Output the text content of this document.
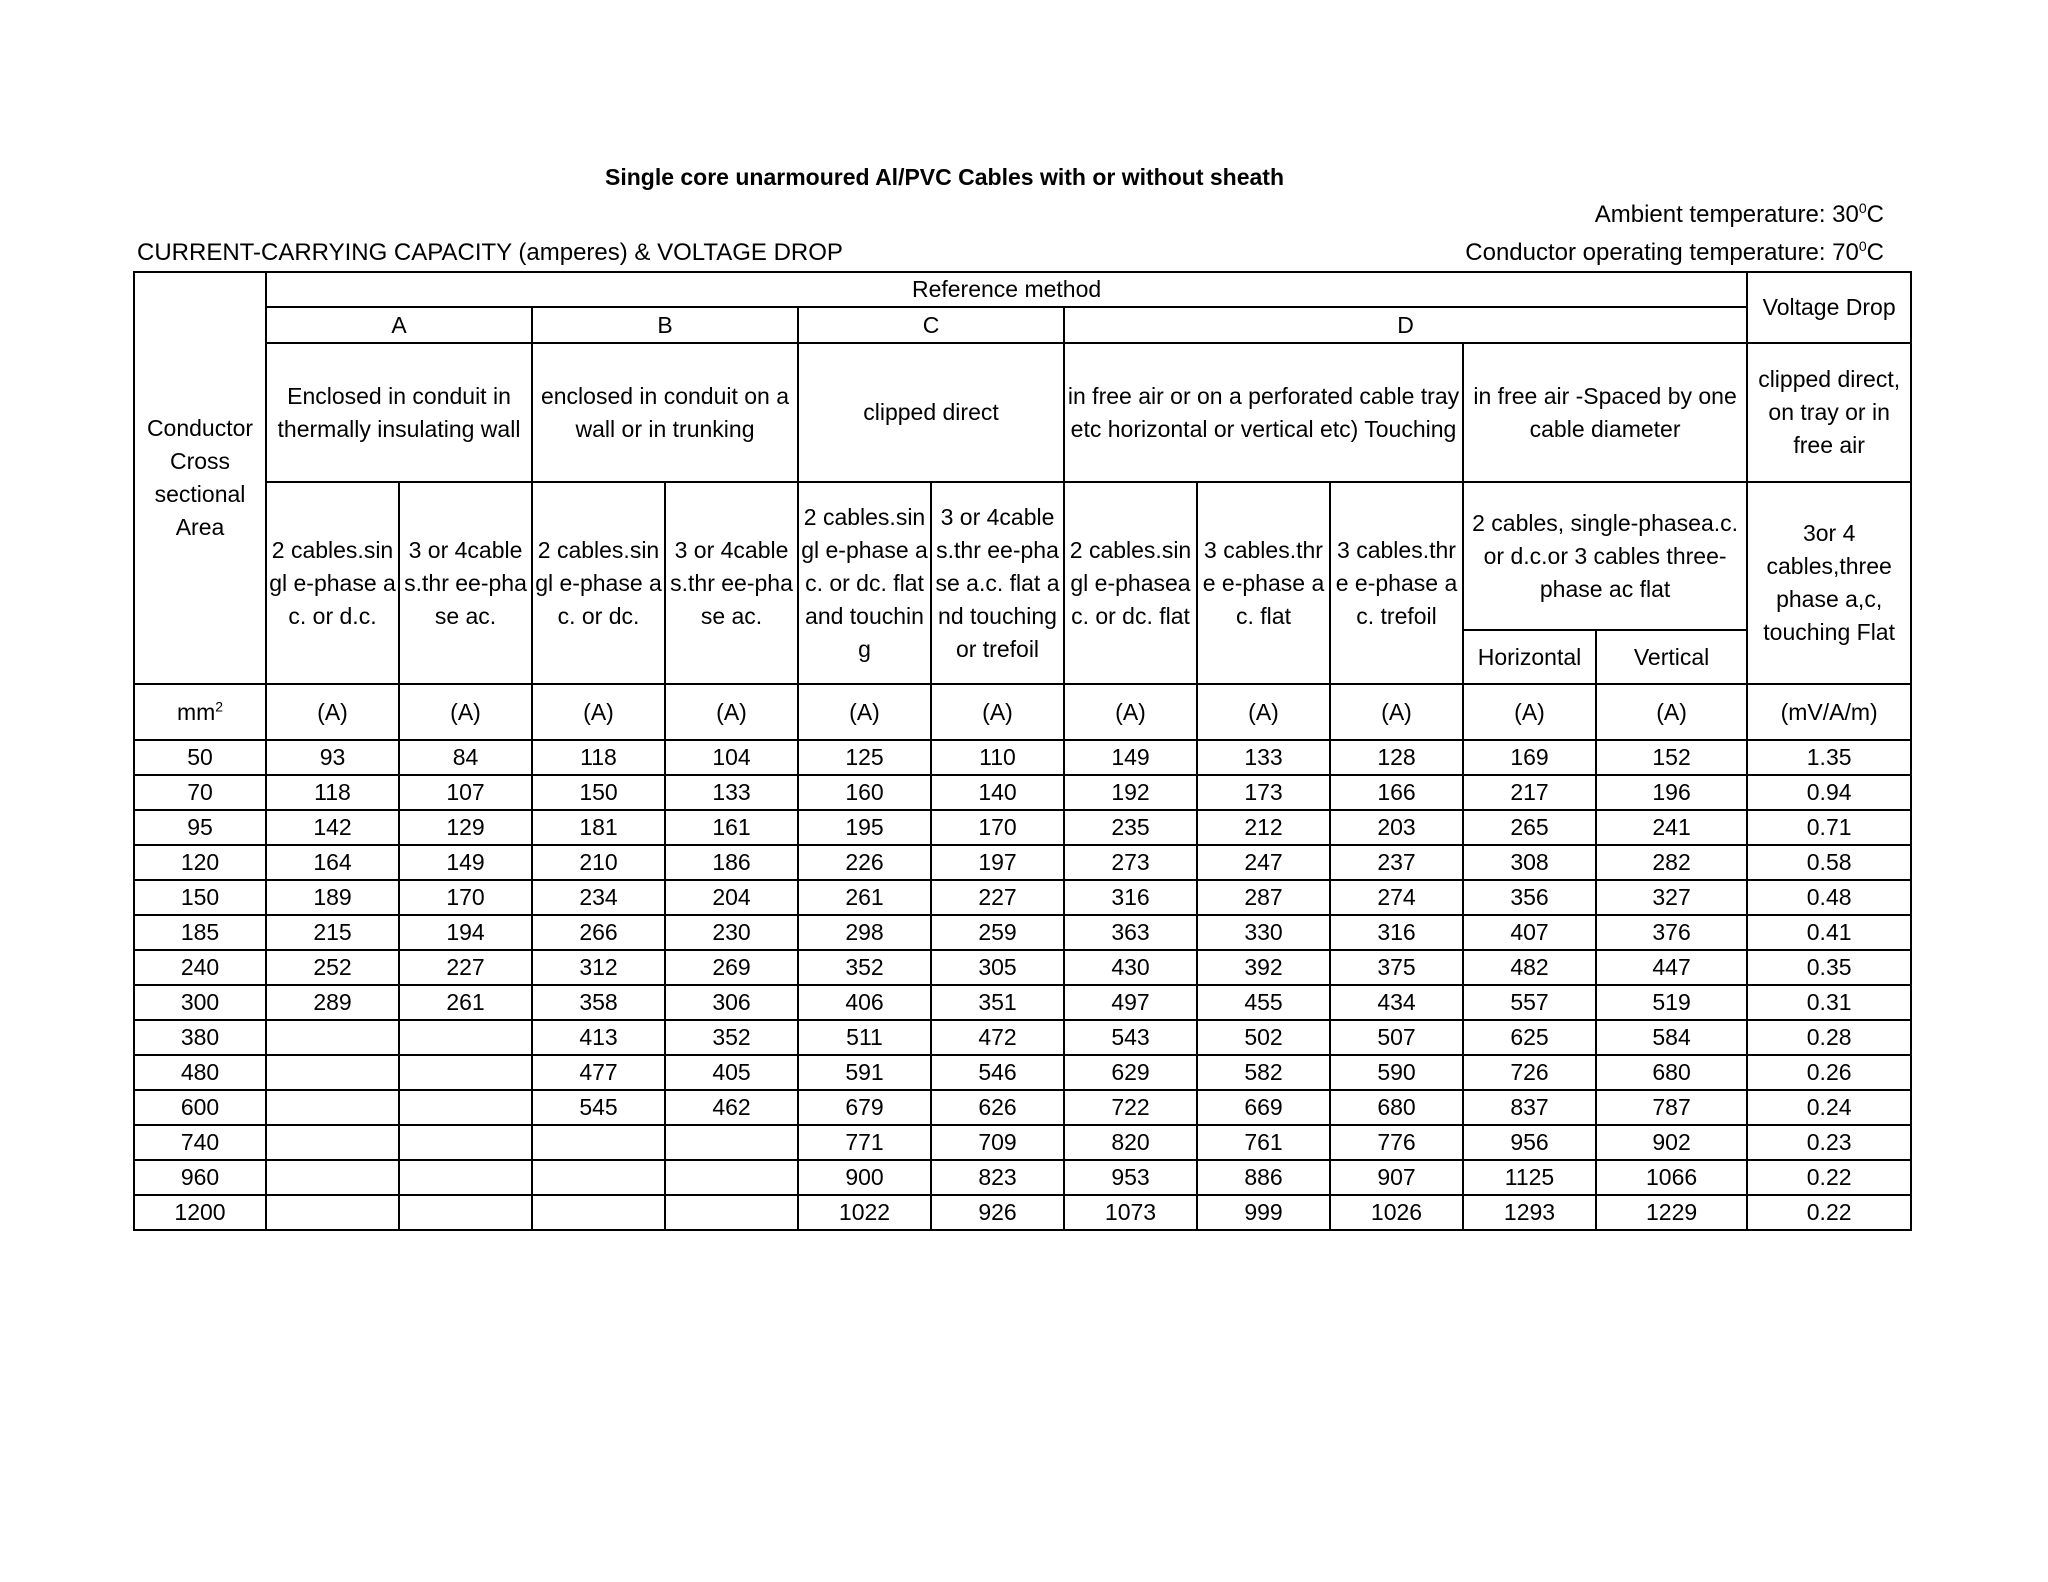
Single core unarmoured Al/PVC Cables with or without sheath
Ambient temperature: $30^0C$
Conductor operating temperature: $70^0C$
CURRENT-CARRYING CAPACITY (amperes) & VOLTAGE DROP
Conductor Cross sectional Area	Reference method											Voltage Drop
	A		B		C		D					
	Enclosed in conduit in thermally insulating wall		enclosed in conduit on a wall or in trunking		clipped direct		in free air or on a perforated cable tray etc horizontal or vertical etc) Touching			in free air -Spaced by one cable diameter		clipped direct, on tray or in free air
	2 cables.singl e-phase ac. or d.c.	3 or 4cables.thr ee-phase ac.	2 cables.singl e-phase ac. or dc.	3 or 4cables.thr ee-phase ac.	2 cables.singl e-phase ac. or dc. flat and touching	3 or 4cables.thr ee-phase a.c. flat and touching or trefoil	2 cables.singl e-phaseac. or dc. flat	3 cables.thre e-phase ac. flat	3 cables.thre e-phase ac. trefoil	2 cables, single-phasea.c. or d.c.or 3 cables three-phase ac flat		3or 4 cables,three phase a,c, touching Flat
										Horizontal	Vertical	
$mm^2$	(A)	(A)	(A)	(A)	(A)	(A)	(A)	(A)	(A)	(A)	(A)	(mV/A/m)
50	93	84	118	104	125	110	149	133	128	169	152	1.35
70	118	107	150	133	160	140	192	173	166	217	196	0.94
95	142	129	181	161	195	170	235	212	203	265	241	0.71
120	164	149	210	186	226	197	273	247	237	308	282	0.58
150	189	170	234	204	261	227	316	287	274	356	327	0.48
185	215	194	266	230	298	259	363	330	316	407	376	0.41
240	252	227	312	269	352	305	430	392	375	482	447	0.35
300	289	261	358	306	406	351	497	455	434	557	519	0.31
380			413	352	511	472	543	502	507	625	584	0.28
480			477	405	591	546	629	582	590	726	680	0.26
600			545	462	679	626	722	669	680	837	787	0.24
740					771	709	820	761	776	956	902	0.23
960					900	823	953	886	907	1125	1066	0.22
1200					1022	926	1073	999	1026	1293	1229	0.22
